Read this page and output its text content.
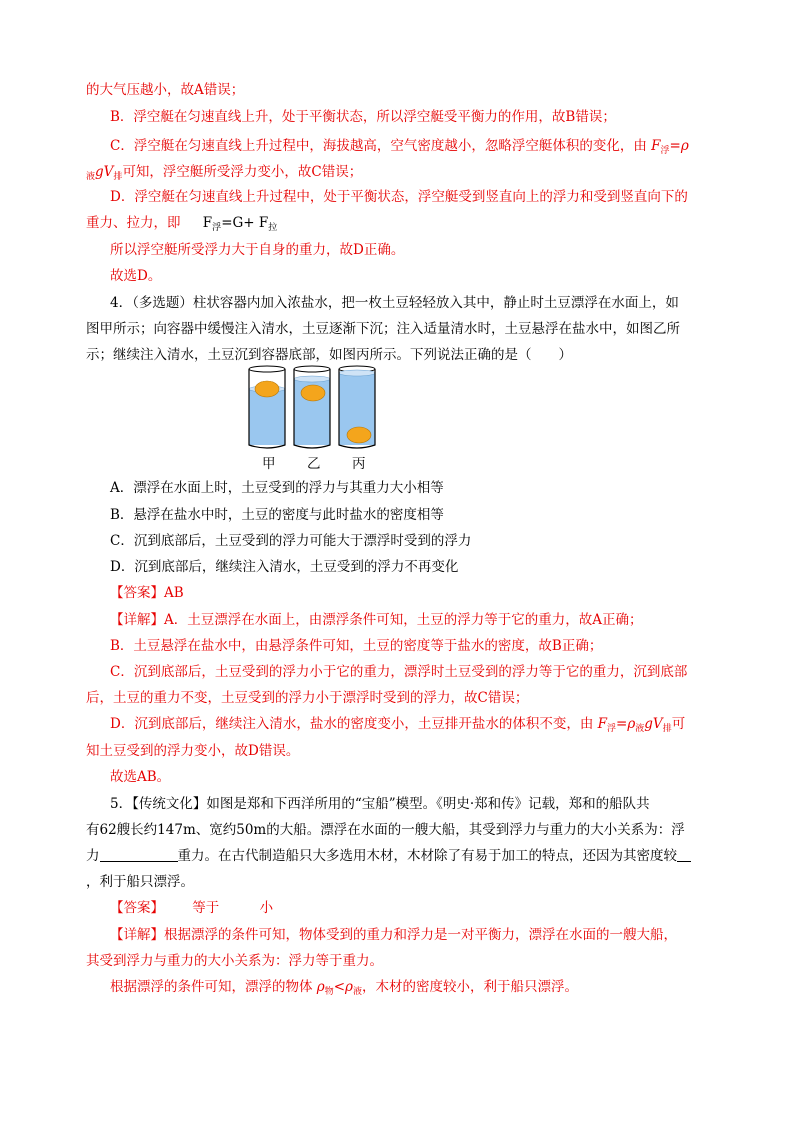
的大气压越小，故A错误；
B．浮空艇在匀速直线上升，处于平衡状态，所以浮空艇受平衡力的作用，故B错误；
C．浮空艇在匀速直线上升过程中，海拔越高，空气密度越小，忽略浮空艇体积的变化，由 $F_浮=\rho$
$_液gV_排$可知，浮空艇所受浮力变小，故C错误；
D．浮空艇在匀速直线上升过程中，处于平衡状态，浮空艇受到竖直向上的浮力和受到竖直向下的
重力、拉力，即 $F_浮=G+ F_拉$
所以浮空艇所受浮力大于自身的重力，故D正确。
故选D。
4．（多选题）柱状容器内加入浓盐水，把一枚土豆轻轻放入其中，静止时土豆漂浮在水面上，如
图甲所示；向容器中缓慢注入清水，土豆逐渐下沉；注入适量清水时，土豆悬浮在盐水中，如图乙所
示；继续注入清水，土豆沉到容器底部，如图丙所示。下列说法正确的是（　　）
甲 乙 丙
A．漂浮在水面上时，土豆受到的浮力与其重力大小相等
B．悬浮在盐水中时，土豆的密度与此时盐水的密度相等
C．沉到底部后，土豆受到的浮力可能大于漂浮时受到的浮力
D．沉到底部后，继续注入清水，土豆受到的浮力不再变化
【答案】AB
【详解】A．土豆漂浮在水面上，由漂浮条件可知，土豆的浮力等于它的重力，故A正确；
B．土豆悬浮在盐水中，由悬浮条件可知，土豆的密度等于盐水的密度，故B正确；
C．沉到底部后，土豆受到的浮力小于它的重力，漂浮时土豆受到的浮力等于它的重力，沉到底部
后，土豆的重力不变，土豆受到的浮力小于漂浮时受到的浮力，故C错误；
D．沉到底部后，继续注入清水，盐水的密度变小，土豆排开盐水的体积不变，由 $F_浮=\rho_液gV_排$可
知土豆受到的浮力变小，故D错误。
故选AB。
5．【传统文化】如图是郑和下西洋所用的“宝船”模型。《明史·郑和传》记载，郑和的船队共
有62艘长约147m、宽约50m的大船。漂浮在水面的一艘大船，其受到浮力与重力的大小关系为：浮
力	重力。在古代制造船只大多选用木材，木材除了有易于加工的特点，还因为其密度较
，利于船只漂浮。
【答案】 等于	小
【详解】根据漂浮的条件可知，物体受到的重力和浮力是一对平衡力，漂浮在水面的一艘大船，
其受到浮力与重力的大小关系为：浮力等于重力。
根据漂浮的条件可知，漂浮的物体 $\rho_物<\rho_液$，木材的密度较小，利于船只漂浮。
